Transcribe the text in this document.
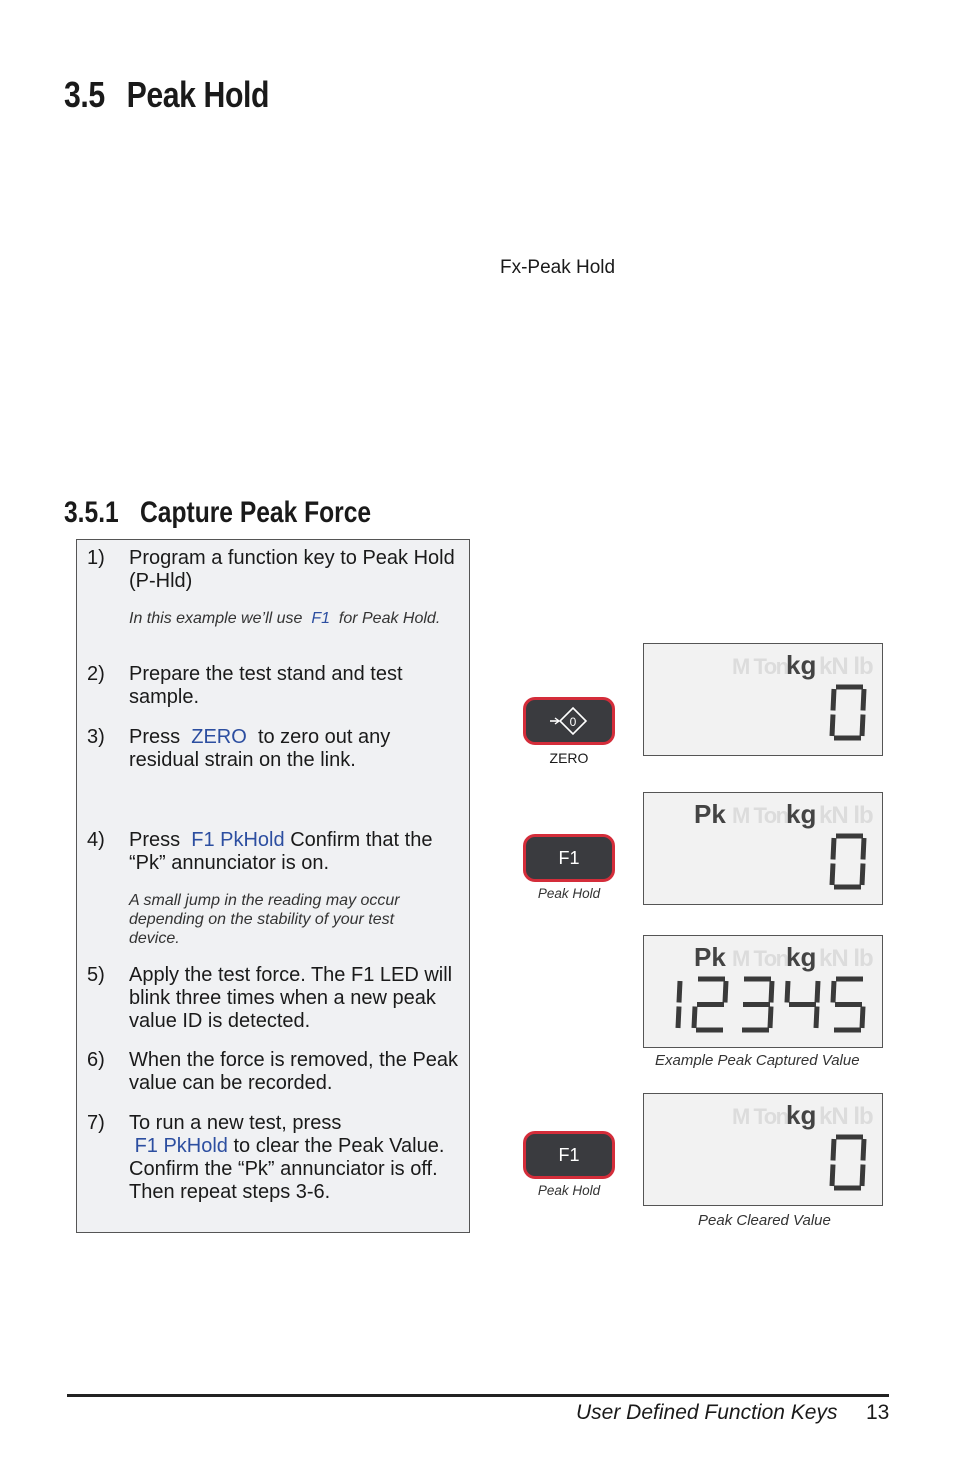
3.5 Peak Hold
Fx-Peak Hold
3.5.1 Capture Peak Force
1) Program a function key to Peak Hold (P-Hld)
In this example we’ll use F1 for Peak Hold.
2) Prepare the test stand and test sample.
3) Press ZERO to zero out any residual strain on the link.
4) Press F1 PkHold Confirm that the “Pk” annunciator is on.
A small jump in the reading may occur depending on the stability of your test device.
5) Apply the test force. The F1 LED will blink three times when a new peak value ID is detected.
6) When the force is removed, the Peak value can be recorded.
7) To run a new test, press
F1 PkHold to clear the Peak Value. Confirm the “Pk” annunciator is off. Then repeat steps 3-6.
0
ZERO
F1
Peak Hold
F1
Peak Hold
M Ton
kg kN lb
Pk M Ton
kg kN lb
Pk M Ton
kg kN lb
Example Peak Captured Value
M Ton
kg kN lb
Peak Cleared Value
User Defined Function Keys 13
